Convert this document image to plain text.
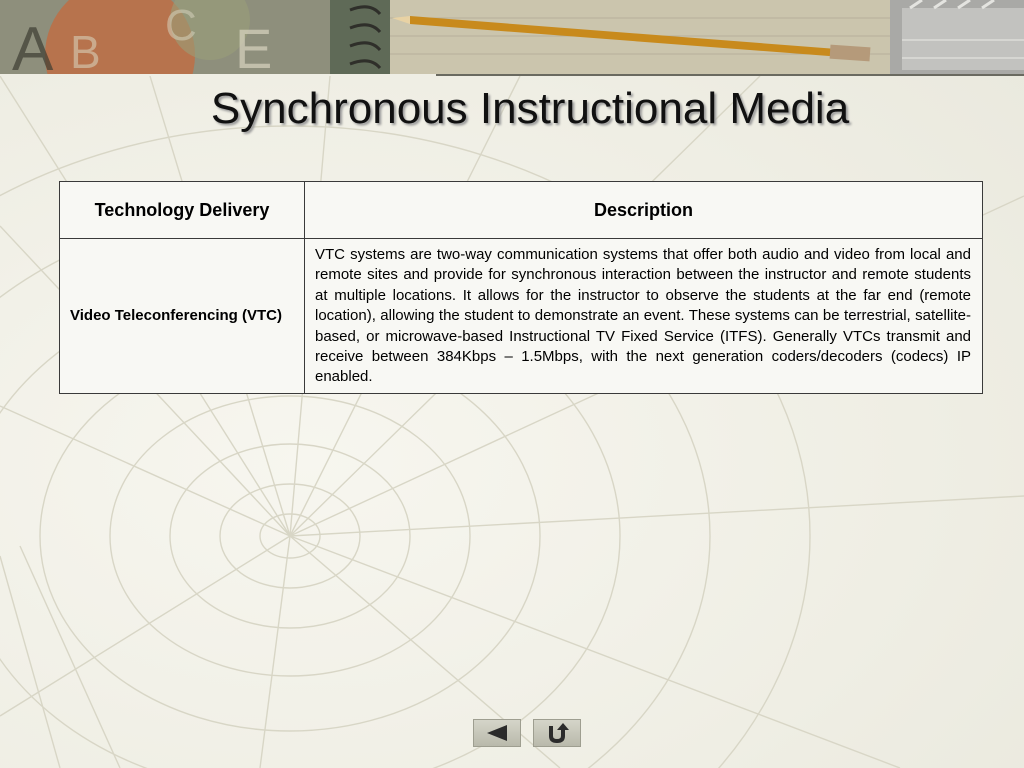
A B
C E
Synchronous Instructional Media
Technology Delivery	Description
Video Teleconferencing (VTC)	VTC systems are two-way communication systems that offer both audio and video from local and remote sites and provide for synchronous interaction between the instructor and remote students at multiple locations. It allows for the instructor to observe the students at the far end (remote location), allowing the student to demonstrate an event. These systems can be terrestrial, satellite-based, or microwave-based Instructional TV Fixed Service (ITFS). Generally VTCs transmit and receive between 384Kbps – 1.5Mbps, with the next generation coders/decoders (codecs) IP enabled.
